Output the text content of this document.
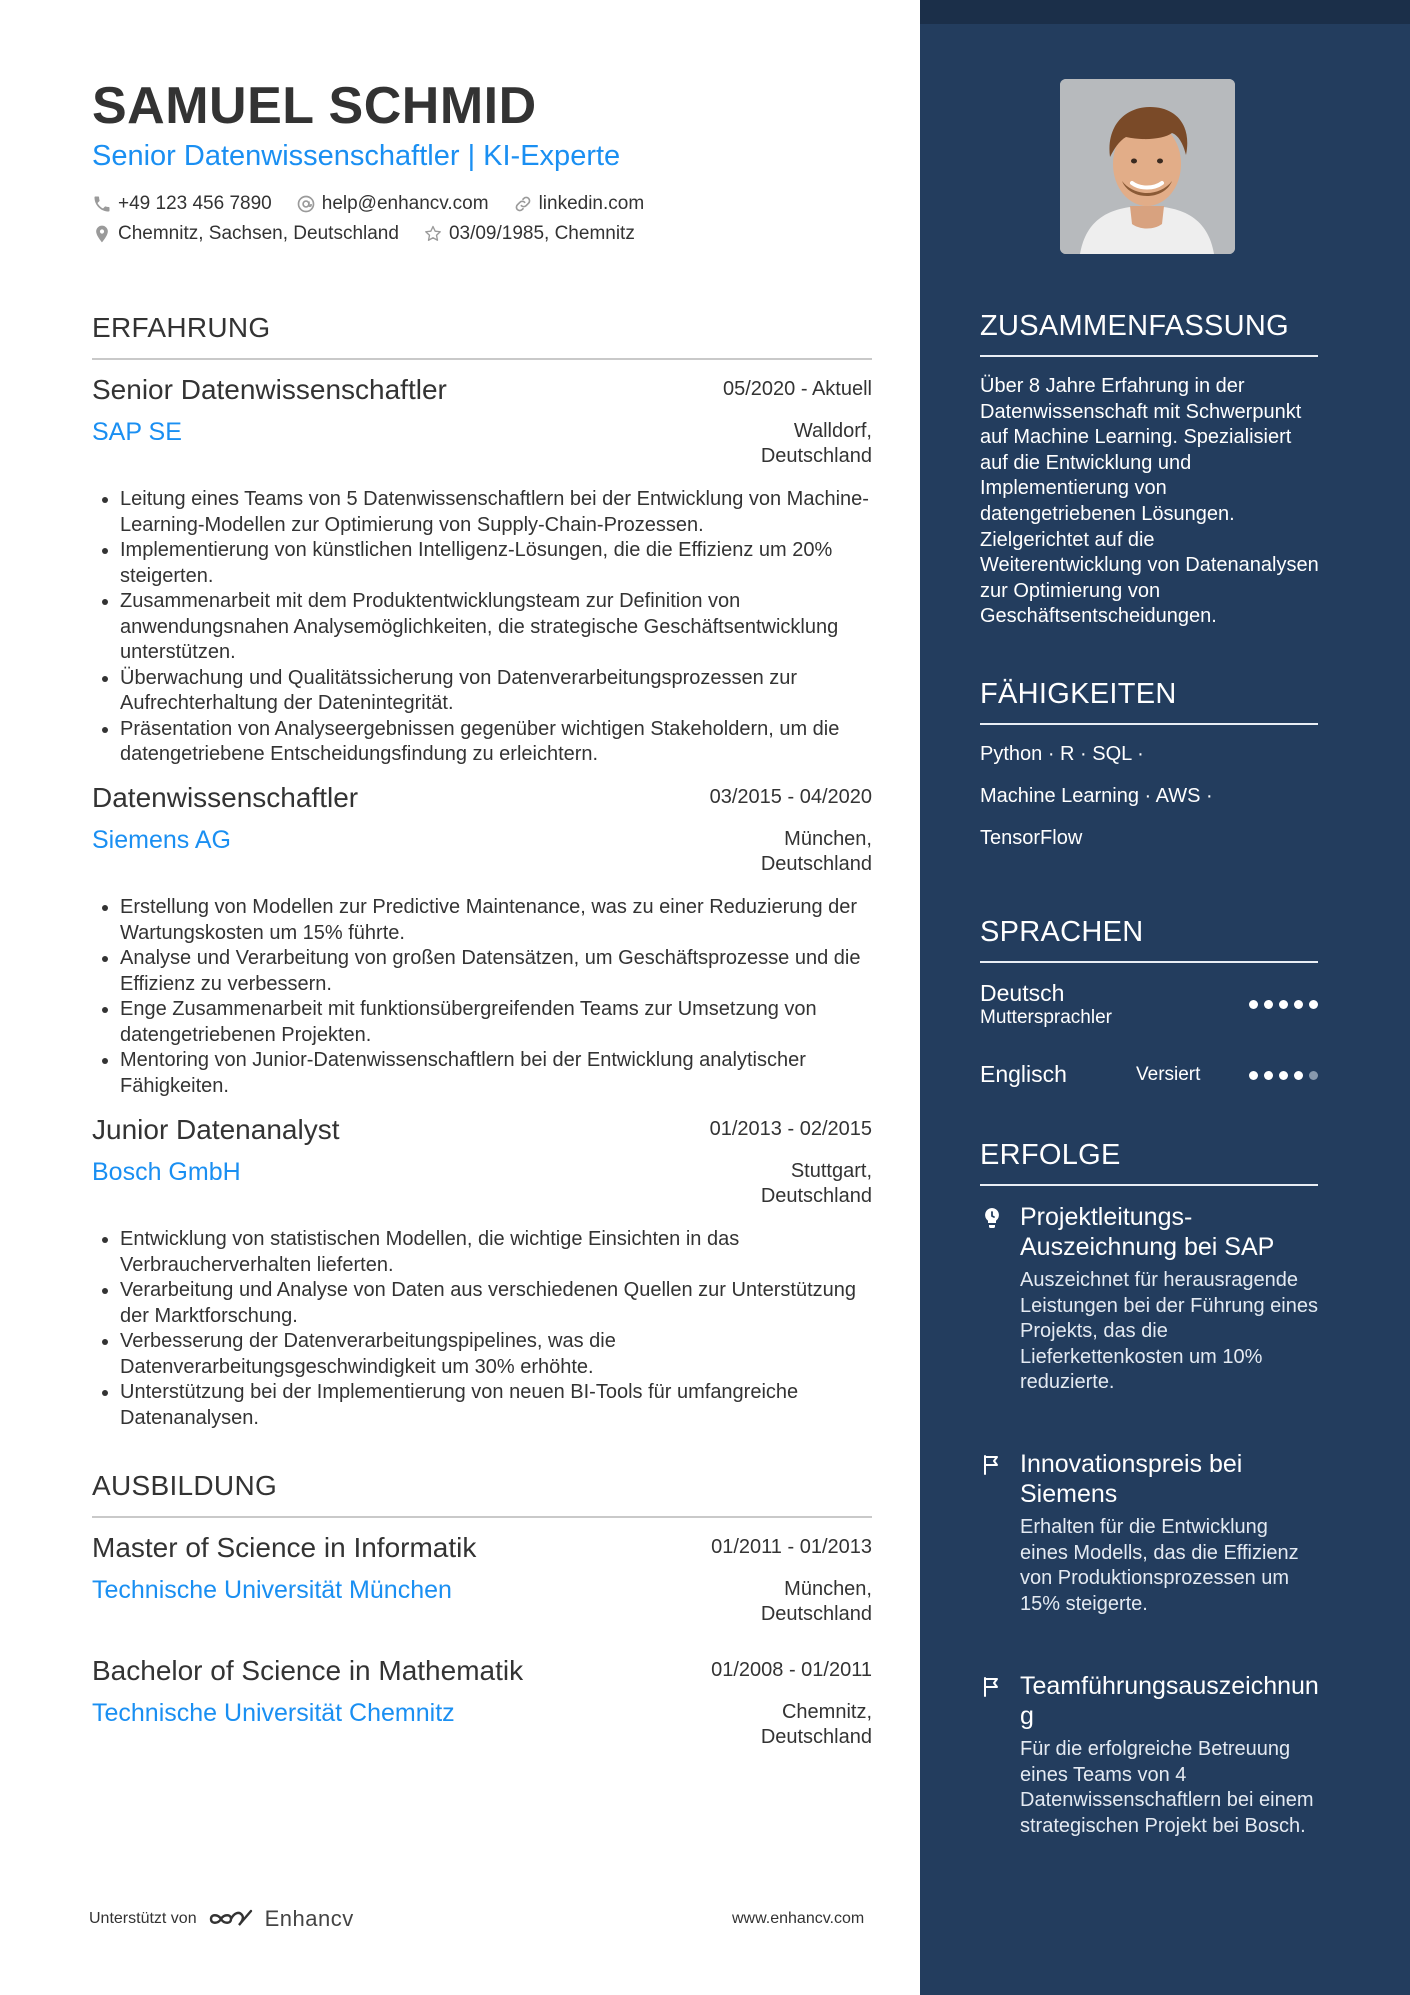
SAMUEL SCHMID
Senior Datenwissenschaftler | KI-Experte
+49 123 456 7890	help@enhancv.com	linkedin.com
Chemnitz, Sachsen, Deutschland	03/09/1985, Chemnitz
ERFAHRUNG
Senior Datenwissenschaftler	05/2020 - Aktuell
SAP SE	Walldorf,
Deutschland
• Leitung eines Teams von 5 Datenwissenschaftlern bei der Entwicklung von Machine-Learning-Modellen zur Optimierung von Supply-Chain-Prozessen.
• Implementierung von künstlichen Intelligenz-Lösungen, die die Effizienz um 20% steigerten.
• Zusammenarbeit mit dem Produktentwicklungsteam zur Definition von anwendungsnahen Analysemöglichkeiten, die strategische Geschäftsentwicklung unterstützen.
• Überwachung und Qualitätssicherung von Datenverarbeitungsprozessen zur Aufrechterhaltung der Datenintegrität.
• Präsentation von Analyseergebnissen gegenüber wichtigen Stakeholdern, um die datengetriebene Entscheidungsfindung zu erleichtern.
Datenwissenschaftler	03/2015 - 04/2020
Siemens AG	München,
Deutschland
• Erstellung von Modellen zur Predictive Maintenance, was zu einer Reduzierung der Wartungskosten um 15% führte.
• Analyse und Verarbeitung von großen Datensätzen, um Geschäftsprozesse und die Effizienz zu verbessern.
• Enge Zusammenarbeit mit funktionsübergreifenden Teams zur Umsetzung von datengetriebenen Projekten.
• Mentoring von Junior-Datenwissenschaftlern bei der Entwicklung analytischer Fähigkeiten.
Junior Datenanalyst	01/2013 - 02/2015
Bosch GmbH	Stuttgart,
Deutschland
• Entwicklung von statistischen Modellen, die wichtige Einsichten in das Verbraucherverhalten lieferten.
• Verarbeitung und Analyse von Daten aus verschiedenen Quellen zur Unterstützung der Marktforschung.
• Verbesserung der Datenverarbeitungspipelines, was die Datenverarbeitungsgeschwindigkeit um 30% erhöhte.
• Unterstützung bei der Implementierung von neuen BI-Tools für umfangreiche Datenanalysen.
AUSBILDUNG
Master of Science in Informatik	01/2011 - 01/2013
Technische Universität München	München,
Deutschland
Bachelor of Science in Mathematik	01/2008 - 01/2011
Technische Universität Chemnitz	Chemnitz,
Deutschland
Unterstützt von	Enhancv	www.enhancv.com
ZUSAMMENFASSUNG
Über 8 Jahre Erfahrung in der Datenwissenschaft mit Schwerpunkt auf Machine Learning. Spezialisiert auf die Entwicklung und Implementierung von datengetriebenen Lösungen. Zielgerichtet auf die Weiterentwicklung von Datenanalysen zur Optimierung von Geschäftsentscheidungen.
FÄHIGKEITEN
Python · R · SQL ·
Machine Learning · AWS ·
TensorFlow
SPRACHEN
Deutsch
Muttersprachler
Englisch	Versiert
ERFOLGE
Projektleitungs-Auszeichnung bei SAP
Auszeichnet für herausragende Leistungen bei der Führung eines Projekts, das die Lieferkettenkosten um 10% reduzierte.
Innovationspreis bei Siemens
Erhalten für die Entwicklung eines Modells, das die Effizienz von Produktionsprozessen um 15% steigerte.
Teamführungsauszeichnung
Für die erfolgreiche Betreuung eines Teams von 4 Datenwissenschaftlern bei einem strategischen Projekt bei Bosch.
